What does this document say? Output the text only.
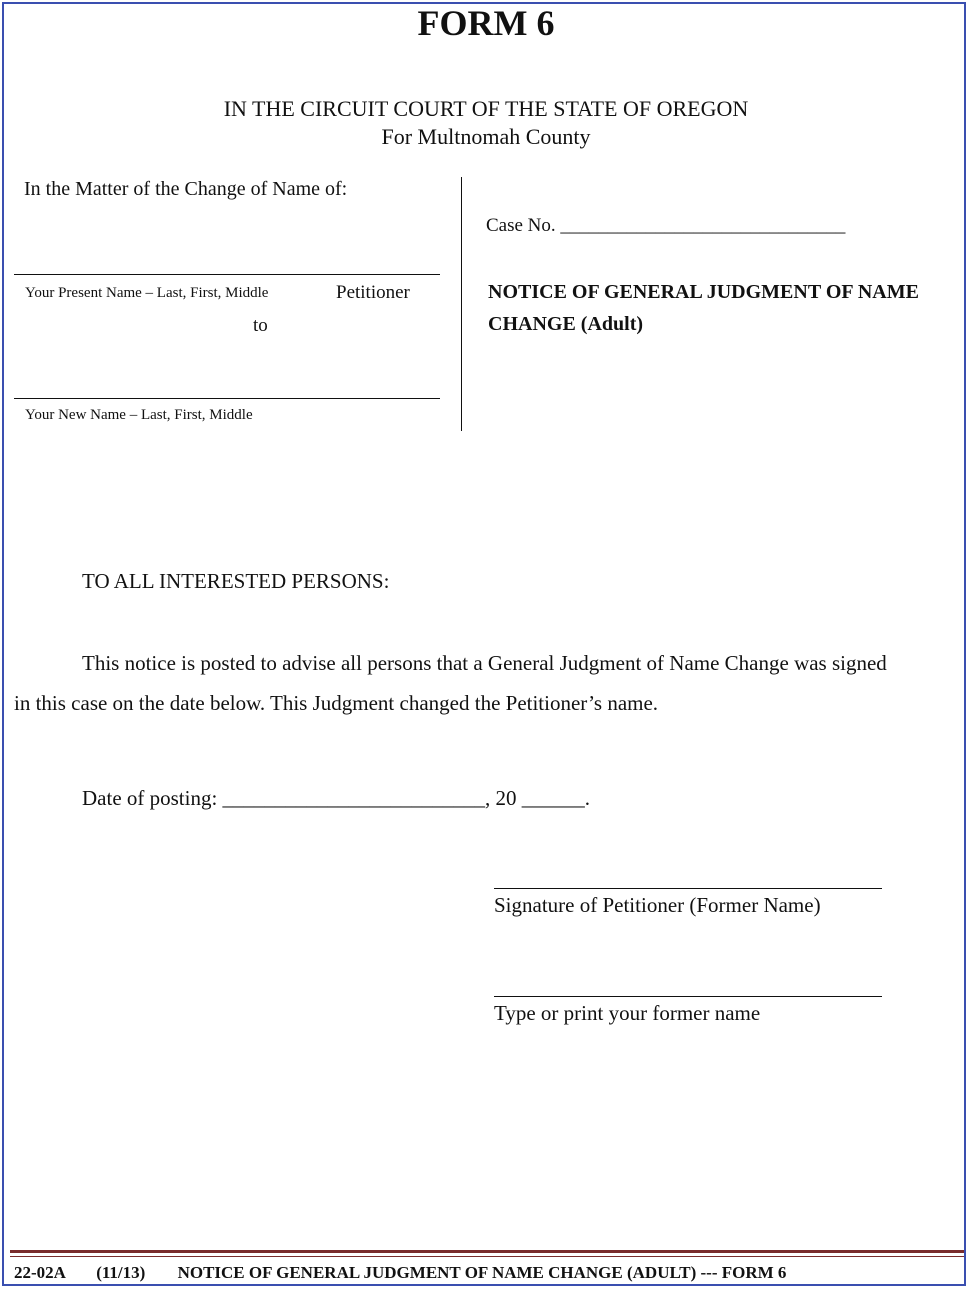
FORM 6
IN THE CIRCUIT COURT OF THE STATE OF OREGON
For Multnomah County
In the Matter of the Change of Name of:
Your Present Name – Last, First, Middle	Petitioner
to
Your New Name – Last, First, Middle
Case No. ______________________________
NOTICE OF GENERAL JUDGMENT OF NAME
CHANGE (Adult)
TO ALL INTERESTED PERSONS:
This notice is posted to advise all persons that a General Judgment of Name Change was signed
in this case on the date below. This Judgment changed the Petitioner’s name.
Date of posting: _________________________, 20 ______.
Signature of Petitioner (Former Name)
Type or print your former name
22-02A (11/13) NOTICE OF GENERAL JUDGMENT OF NAME CHANGE (ADULT) --- FORM 6
